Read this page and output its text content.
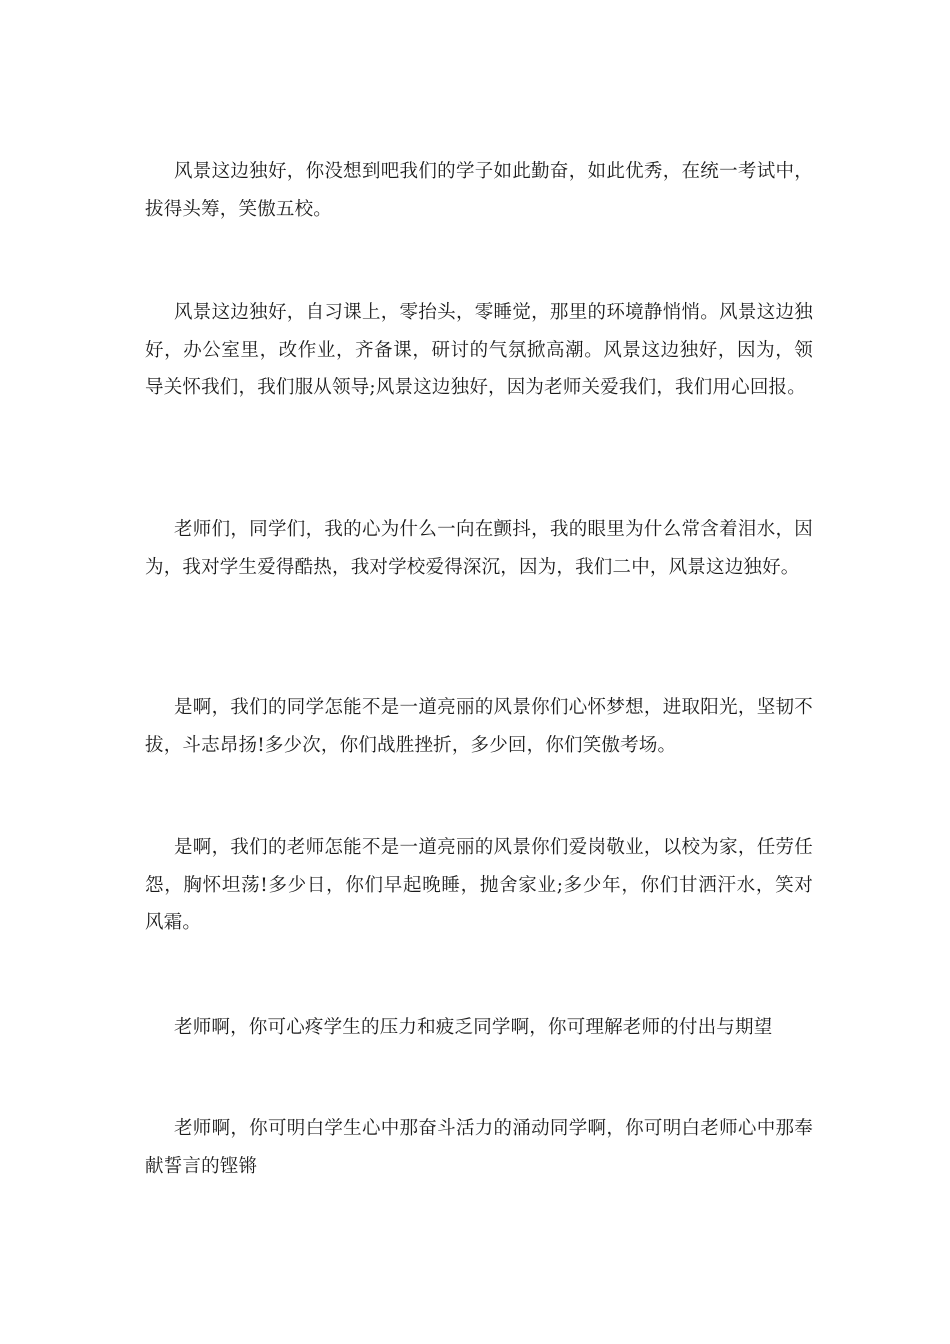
风景这边独好，你没想到吧我们的学子如此勤奋，如此优秀，在统一考试中，拔得头筹，笑傲五校。

风景这边独好，自习课上，零抬头，零睡觉，那里的环境静悄悄。风景这边独好，办公室里，改作业，齐备课，研讨的气氛掀高潮。风景这边独好，因为，领导关怀我们，我们服从领导;风景这边独好，因为老师关爱我们，我们用心回报。

老师们，同学们，我的心为什么一向在颤抖，我的眼里为什么常含着泪水，因为，我对学生爱得酷热，我对学校爱得深沉，因为，我们二中，风景这边独好。

是啊，我们的同学怎能不是一道亮丽的风景你们心怀梦想，进取阳光，坚韧不拔，斗志昂扬!多少次，你们战胜挫折，多少回，你们笑傲考场。

是啊，我们的老师怎能不是一道亮丽的风景你们爱岗敬业，以校为家，任劳任怨，胸怀坦荡!多少日，你们早起晚睡，抛舍家业;多少年，你们甘洒汗水，笑对风霜。

老师啊，你可心疼学生的压力和疲乏同学啊，你可理解老师的付出与期望

老师啊，你可明白学生心中那奋斗活力的涌动同学啊，你可明白老师心中那奉献誓言的铿锵
